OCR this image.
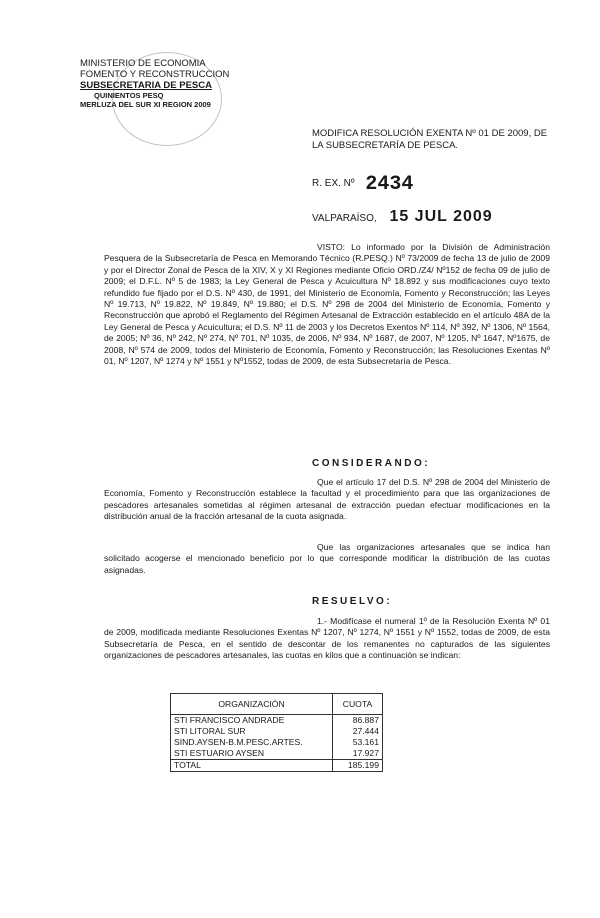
MINISTERIO DE ECONOMIA
FOMENTO Y RECONSTRUCCION
SUBSECRETARIA DE PESCA
QUINIENTOS PESQ
MERLUZA DEL SUR XI REGION 2009
MODIFICA RESOLUCIÓN EXENTA Nº 01 DE 2009, DE LA SUBSECRETARÍA DE PESCA.
R. EX. Nº 2434
VALPARAÍSO, 15 JUL 2009

VISTO: Lo informado por la División de Administración Pesquera de la Subsecretaría de Pesca en Memorando Técnico (R.PESQ.) Nº 73/2009 de fecha 13 de julio de 2009 y por el Director Zonal de Pesca de la XIV, X y XI Regiones mediante Oficio ORD./Z4/ Nº152 de fecha 09 de julio de 2009; el D.F.L. Nº 5 de 1983; la Ley General de Pesca y Acuicultura Nº 18.892 y sus modificaciones cuyo texto refundido fue fijado por el D.S. Nº 430, de 1991, del Ministerio de Economía, Fomento y Reconstrucción; las Leyes Nº 19.713, Nº 19.822, Nº 19.849, Nº 19.880; el D.S. Nº 298 de 2004 del Ministerio de Economía, Fomento y Reconstrucción que aprobó el Reglamento del Régimen Artesanal de Extracción establecido en el artículo 48A de la Ley General de Pesca y Acuicultura; el D.S. Nº 11 de 2003 y los Decretos Exentos Nº 114, Nº 392, Nº 1306, Nº 1564, de 2005; Nº 36, Nº 242, Nº 274, Nº 701, Nº 1035, de 2006, Nº 934, Nº 1687, de 2007, Nº 1205, Nº 1647, Nº1675, de 2008, Nº 574 de 2009, todos del Ministerio de Economía, Fomento y Reconstrucción; las Resoluciones Exentas Nº 01, Nº 1207, Nº 1274 y Nº 1551 y Nº1552, todas de 2009, de esta Subsecretaría de Pesca.

CONSIDERANDO:

Que el artículo 17 del D.S. Nº 298 de 2004 del Ministerio de Economía, Fomento y Reconstrucción establece la facultad y el procedimiento para que las organizaciones de pescadores artesanales sometidas al régimen artesanal de extracción puedan efectuar modificaciones en la distribución anual de la fracción artesanal de la cuota asignada.

Que las organizaciones artesanales que se indica han solicitado acogerse el mencionado beneficio por lo que corresponde modificar la distribución de las cuotas asignadas.

RESUELVO:

1.- Modifícase el numeral 1º de la Resolución Exenta Nº 01 de 2009, modificada mediante Resoluciones Exentas Nº 1207, Nº 1274, Nº 1551 y Nº 1552, todas de 2009, de esta Subsecretaría de Pesca, en el sentido de descontar de los remanentes no capturados de las siguientes organizaciones de pescadores artesanales, las cuotas en kilos que a continuación se indican:

ORGANIZACIÓN	CUOTA
STI FRANCISCO ANDRADE	86.887
STI LITORAL SUR	27.444
SIND.AYSEN-B.M.PESC.ARTES.	53.161
STI ESTUARIO AYSEN	17.927
TOTAL	185.199
